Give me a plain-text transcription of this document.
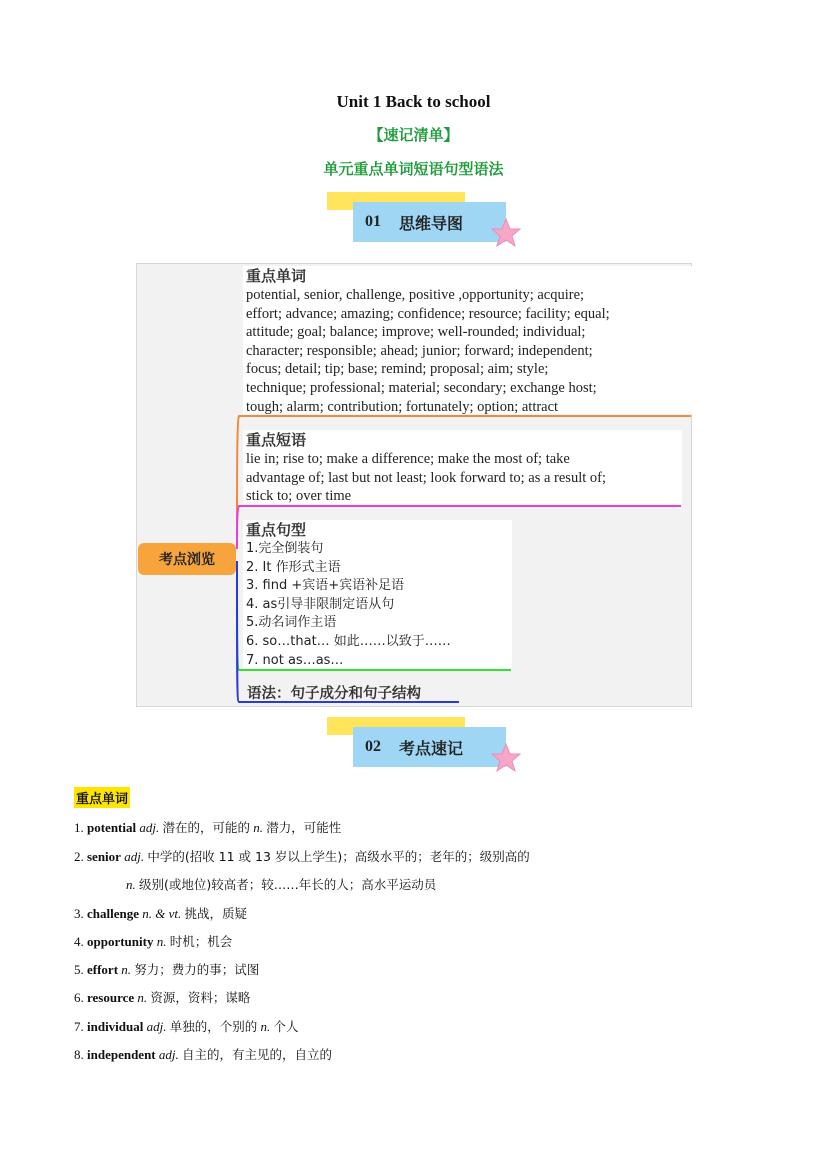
Unit 1 Back to school
【速记清单】
单元重点单词短语句型语法
01 思维导图
重点单词
potential, senior, challenge, positive ,opportunity; acquire;
effort; advance; amazing; confidence; resource; facility; equal;
attitude; goal; balance; improve; well-rounded; individual;
character; responsible; ahead; junior; forward; independent;
focus; detail; tip; base; remind; proposal; aim; style;
technique; professional; material; secondary; exchange host;
tough; alarm; contribution; fortunately; option; attract
重点短语
lie in; rise to; make a difference; make the most of; take
advantage of; last but not least; look forward to; as a result of;
stick to; over time
重点句型
1.完全倒装句
2. It 作形式主语
3. find +宾语+宾语补足语
4. as引导非限制定语从句
5.动名词作主语
6. so…that… 如此……以致于……
7. not as…as…
语法：句子成分和句子结构
考点浏览
02 考点速记
重点单词
1. potential adj. 潜在的，可能的 n. 潜力，可能性
2. senior adj. 中学的(招收 11 或 13 岁以上学生)；高级水平的；老年的；级别高的
n. 级别(或地位)较高者；较……年长的人；高水平运动员
3. challenge n. & vt. 挑战，质疑
4. opportunity n. 时机；机会
5. effort n. 努力；费力的事；试图
6. resource n. 资源，资料；谋略
7. individual adj. 单独的，个别的 n. 个人
8. independent adj. 自主的，有主见的，自立的
